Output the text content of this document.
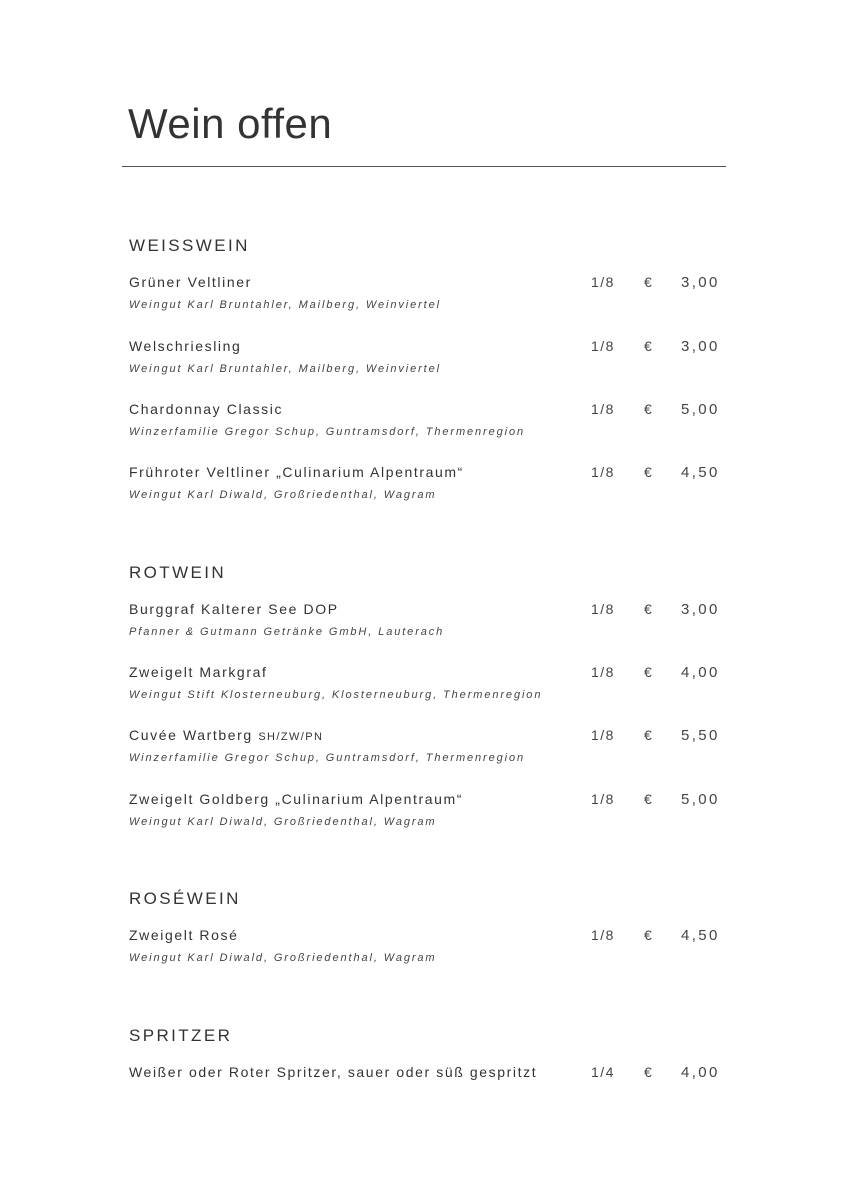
Wein offen
WEISSWEIN
Grüner Veltliner
Weingut Karl Bruntahler, Mailberg, Weinviertel
1/8 € 3,00
Welschriesling
Weingut Karl Bruntahler, Mailberg, Weinviertel
1/8 € 3,00
Chardonnay Classic
Winzerfamilie Gregor Schup, Guntramsdorf, Thermenregion
1/8 € 5,00
Frühroter Veltliner „Culinarium Alpentraum“
Weingut Karl Diwald, Großriedenthal, Wagram
1/8 € 4,50
ROTWEIN
Burggraf Kalterer See DOP
Pfanner & Gutmann Getränke GmbH, Lauterach
1/8 € 3,00
Zweigelt Markgraf
Weingut Stift Klosterneuburg, Klosterneuburg, Thermenregion
1/8 € 4,00
Cuvée Wartberg SH/ZW/PN
Winzerfamilie Gregor Schup, Guntramsdorf, Thermenregion
1/8 € 5,50
Zweigelt Goldberg „Culinarium Alpentraum“
Weingut Karl Diwald, Großriedenthal, Wagram
1/8 € 5,00
ROSÉWEIN
Zweigelt Rosé
Weingut Karl Diwald, Großriedenthal, Wagram
1/8 € 4,50
SPRITZER
Weißer oder Roter Spritzer, sauer oder süß gespritzt	1/4 € 4,00
